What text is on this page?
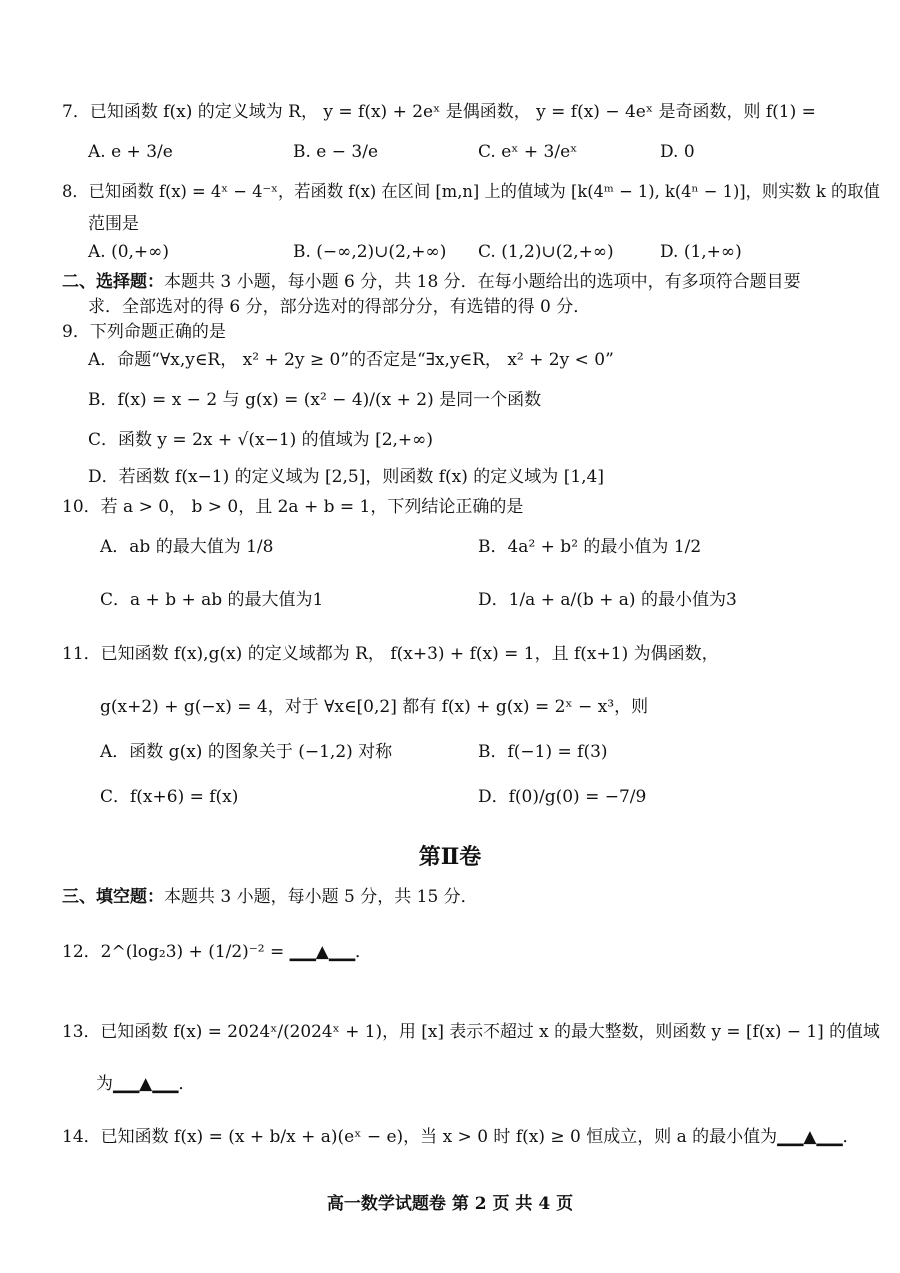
7．已知函数 f(x) 的定义域为 R， y = f(x) + 2eˣ 是偶函数， y = f(x) − 4eˣ 是奇函数，则 f(1) =
A. e + 3/e	B. e − 3/e	C. eˣ + 3/eˣ	D. 0
8．已知函数 f(x) = 4ˣ − 4⁻ˣ，若函数 f(x) 在区间 [m,n] 上的值域为 [k(4ᵐ − 1), k(4ⁿ − 1)]，则实数 k 的取值
范围是
A. (0,+∞)	B. (−∞,2)∪(2,+∞) C. (1,2)∪(2,+∞)	D. (1,+∞)
二、选择题：本题共 3 小题，每小题 6 分，共 18 分．在每小题给出的选项中，有多项符合题目要
求．全部选对的得 6 分，部分选对的得部分分，有选错的得 0 分．
9．下列命题正确的是
A．命题“∀x,y∈R， x² + 2y ≥ 0”的否定是“∃x,y∈R， x² + 2y < 0”
B．f(x) = x − 2 与 g(x) = (x² − 4)/(x + 2) 是同一个函数
C．函数 y = 2x + √(x−1) 的值域为 [2,+∞)
D．若函数 f(x−1) 的定义域为 [2,5]，则函数 f(x) 的定义域为 [1,4]
10．若 a > 0， b > 0，且 2a + b = 1，下列结论正确的是
A．ab 的最大值为 1/8	B．4a² + b² 的最小值为 1/2
C．a + b + ab 的最大值为1	D．1/a + a/(b + a) 的最小值为3
11．已知函数 f(x),g(x) 的定义域都为 R， f(x+3) + f(x) = 1，且 f(x+1) 为偶函数，
g(x+2) + g(−x) = 4，对于 ∀x∈[0,2] 都有 f(x) + g(x) = 2ˣ − x³，则
A．函数 g(x) 的图象关于 (−1,2) 对称	B．f(−1) = f(3)
C．f(x+6) = f(x)	D．f(0)/g(0) = −7/9
第Ⅱ卷
三、填空题：本题共 3 小题，每小题 5 分，共 15 分．
12．2^(log₂3) + (1/2)⁻² = ▁▁▲▁▁．
13．已知函数 f(x) = 2024ˣ/(2024ˣ + 1)，用 [x] 表示不超过 x 的最大整数，则函数 y = [f(x) − 1] 的值域
为▁▁▲▁▁．
14．已知函数 f(x) = (x + b/x + a)(eˣ − e)，当 x > 0 时 f(x) ≥ 0 恒成立，则 a 的最小值为▁▁▲▁▁．
高一数学试题卷 第 2 页 共 4 页
